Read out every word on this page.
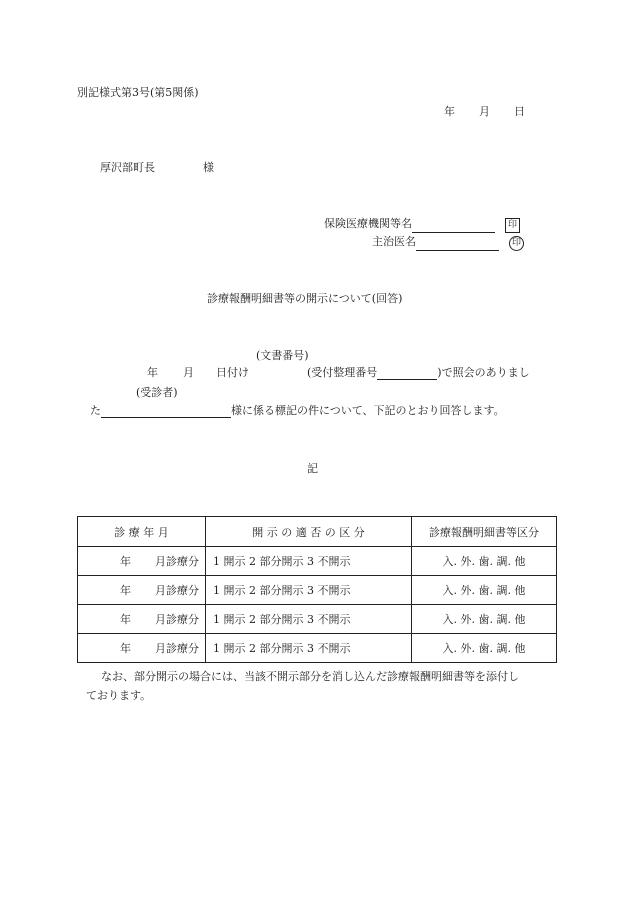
別記様式第3号(第5関係)
年 月 日
厚沢部町長	様
保険医療機関等名	印
主治医名	印
診療報酬明細書等の開示について(回答)
(文書番号)
年 月 日付け	(受付整理番号	)で照会のありまし
(受診者)
た	様に係る標記の件について、下記のとおり回答します。
記
診 療 年 月	開 示 の 適 否 の 区 分	診療報酬明細書等区分
年 月診療分	1 開示 2 部分開示 3 不開示	入. 外. 歯. 調. 他
年 月診療分	1 開示 2 部分開示 3 不開示	入. 外. 歯. 調. 他
年 月診療分	1 開示 2 部分開示 3 不開示	入. 外. 歯. 調. 他
年 月診療分	1 開示 2 部分開示 3 不開示	入. 外. 歯. 調. 他
なお、部分開示の場合には、当該不開示部分を消し込んだ診療報酬明細書等を添付し
ております。
